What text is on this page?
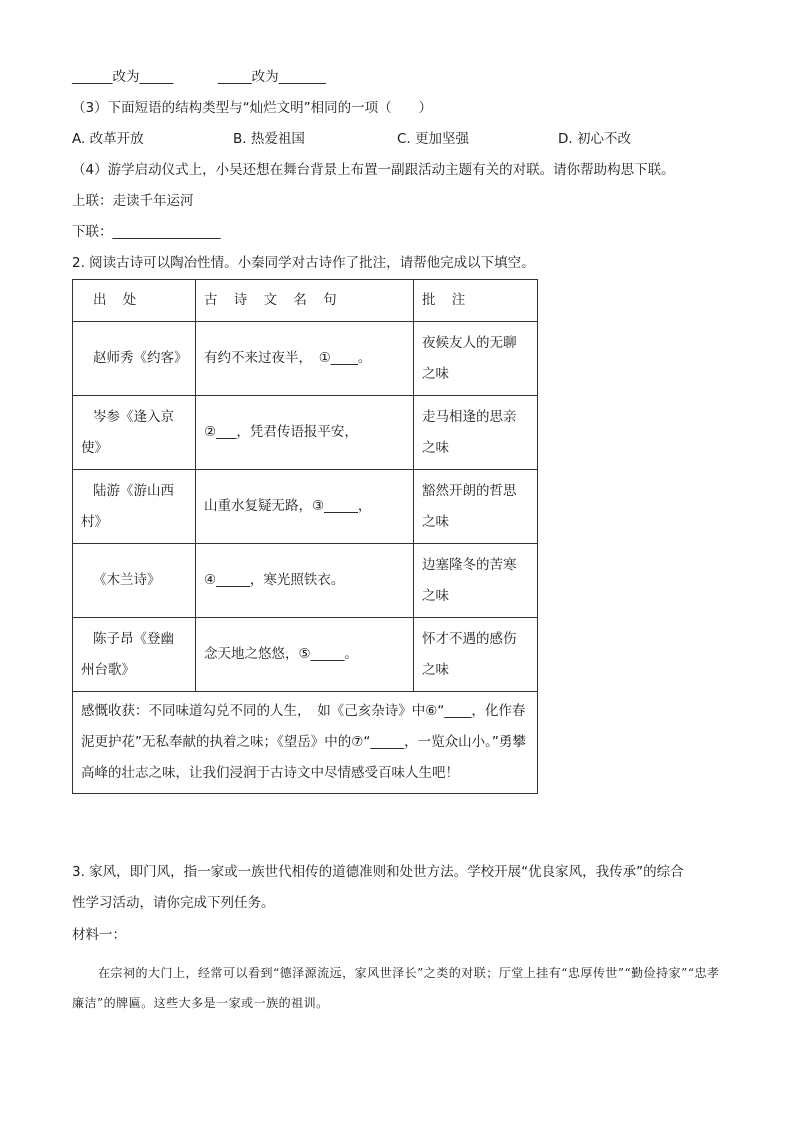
______改为_____	_____改为_______
（3）下面短语的结构类型与“灿烂文明”相同的一项（　　）
A. 改革开放	B. 热爱祖国	C. 更加坚强	D. 初心不改
（4）游学启动仪式上，小吴还想在舞台背景上布置一副跟活动主题有关的对联。请你帮助构思下联。
上联：走读千年运河
下联：________________
2. 阅读古诗可以陶冶性情。小秦同学对古诗作了批注，请帮他完成以下填空。
出 处	古 诗 文 名 句	批 注
赵师秀《约客》	有约不来过夜半，　①____。	夜候友人的无聊之味
岑参《逢入京使》	②___，凭君传语报平安，	走马相逢的思亲之味
陆游《游山西村》	山重水复疑无路，③_____，	豁然开朗的哲思之味
《木兰诗》	④_____，寒光照铁衣。	边塞隆冬的苦寒之味
陈子昂《登幽州台歌》	念天地之悠悠，⑤_____。	怀才不遇的感伤之味
感慨收获：不同味道勾兑不同的人生，　如《己亥杂诗》中⑥“____，化作春泥更护花”无私奉献的执着之味；《望岳》中的⑦“_____，一览众山小。”勇攀高峰的壮志之味，让我们浸润于古诗文中尽情感受百味人生吧！		
3. 家风，即门风，指一家或一族世代相传的道德准则和处世方法。学校开展“优良家风，我传承”的综合
性学习活动，请你完成下列任务。
材料一：
在宗祠的大门上，经常可以看到“德泽源流远，家风世泽长”之类的对联；厅堂上挂有“忠厚传世”“勤俭持家”“忠孝廉洁”的牌匾。这些大多是一家或一族的祖训。
